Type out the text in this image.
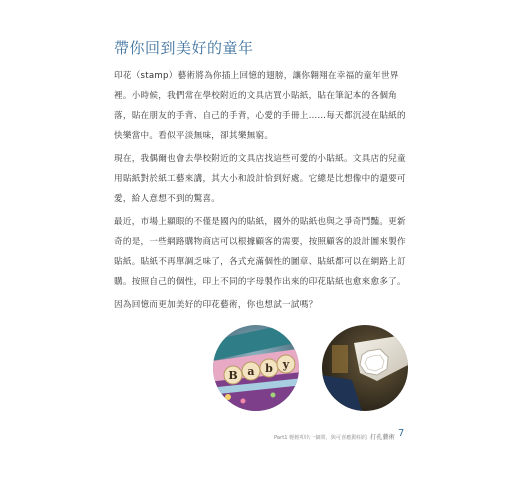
帶你回到美好的童年

印花（stamp）藝術將為你插上回憶的翅膀，讓你翱翔在幸福的童年世界裡。小時候，我們常在學校附近的文具店買小貼紙，貼在筆記本的各個角落，貼在朋友的手背、自己的手背，心愛的手冊上……每天都沉浸在貼紙的快樂當中。看似平淡無味，卻其樂無窮。

現在，我偶爾也會去學校附近的文具店找這些可愛的小貼紙。文具店的兒童用貼紙對於紙工藝來講，其大小和設計恰到好處。它總是比想像中的還要可愛，給人意想不到的驚喜。

最近，市場上顯眼的不僅是國內的貼紙，國外的貼紙也與之爭奇鬥豔。更新奇的是，一些網路購物商店可以根據顧客的需要，按照顧客的設計圖來製作貼紙。貼紙不再單調乏味了，各式充滿個性的圖章、貼紙都可以在網路上訂購。按照自己的個性，印上不同的字母製作出來的印花貼紙也愈來愈多了。

因為回憶而更加美好的印花藝術，你也想試一試嗎？

B a b y
Part1 輕輕叩出一個問，與可喜應動相的 打孔藝術 7
